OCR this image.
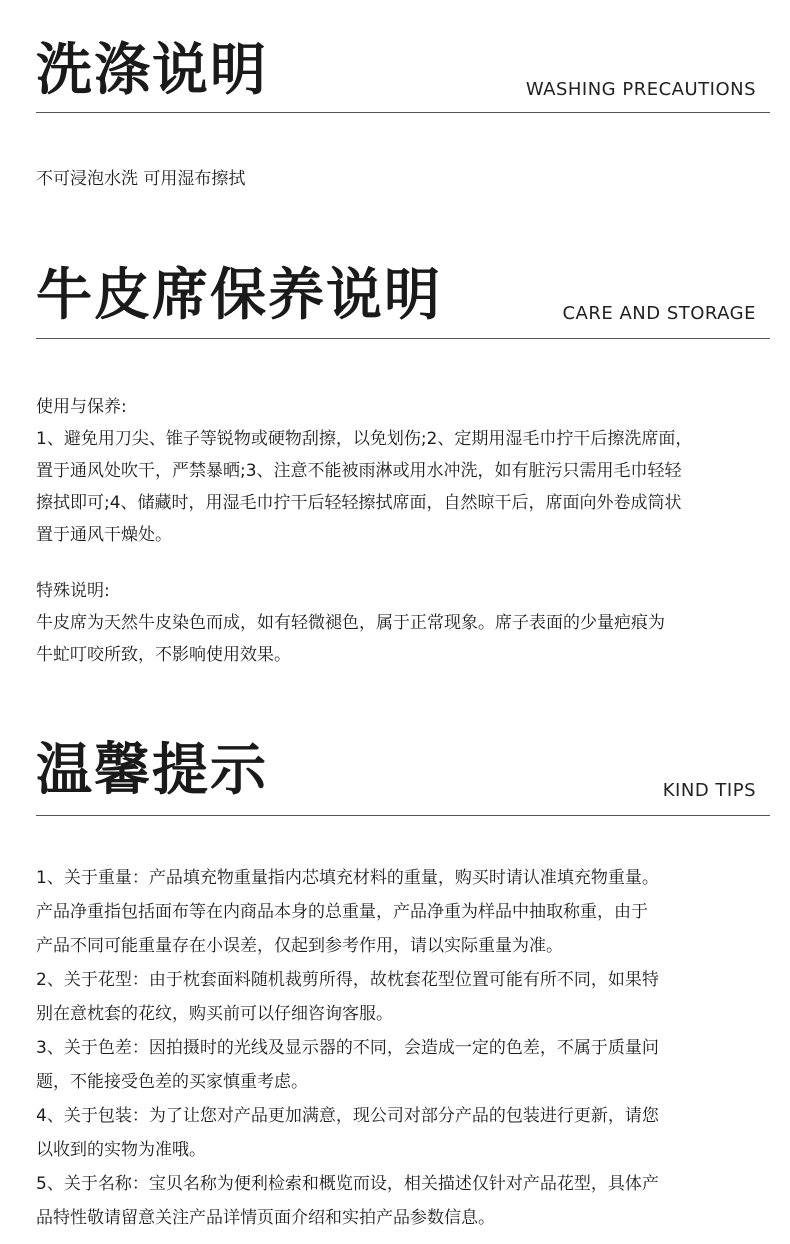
洗涤说明	WASHING PRECAUTIONS

不可浸泡水洗 可用湿布擦拭

牛皮席保养说明	CARE AND STORAGE

使用与保养:
1、避免用刀尖、锥子等锐物或硬物刮擦，以免划伤;2、定期用湿毛巾拧干后擦洗席面，
置于通风处吹干，严禁暴晒;3、注意不能被雨淋或用水冲洗，如有脏污只需用毛巾轻轻
擦拭即可;4、储藏时，用湿毛巾拧干后轻轻擦拭席面，自然晾干后，席面向外卷成筒状
置于通风干燥处。

特殊说明:
牛皮席为天然牛皮染色而成，如有轻微褪色，属于正常现象。席子表面的少量疤痕为
牛虻叮咬所致，不影响使用效果。

温馨提示	KIND TIPS

1、关于重量：产品填充物重量指内芯填充材料的重量，购买时请认准填充物重量。
产品净重指包括面布等在内商品本身的总重量，产品净重为样品中抽取称重，由于
产品不同可能重量存在小误差，仅起到参考作用，请以实际重量为准。
2、关于花型：由于枕套面料随机裁剪所得，故枕套花型位置可能有所不同，如果特
别在意枕套的花纹，购买前可以仔细咨询客服。
3、关于色差：因拍摄时的光线及显示器的不同，会造成一定的色差，不属于质量问
题，不能接受色差的买家慎重考虑。
4、关于包装：为了让您对产品更加满意，现公司对部分产品的包装进行更新，请您
以收到的实物为准哦。
5、关于名称：宝贝名称为便利检索和概览而设，相关描述仅针对产品花型，具体产
品特性敬请留意关注产品详情页面介绍和实拍产品参数信息。
